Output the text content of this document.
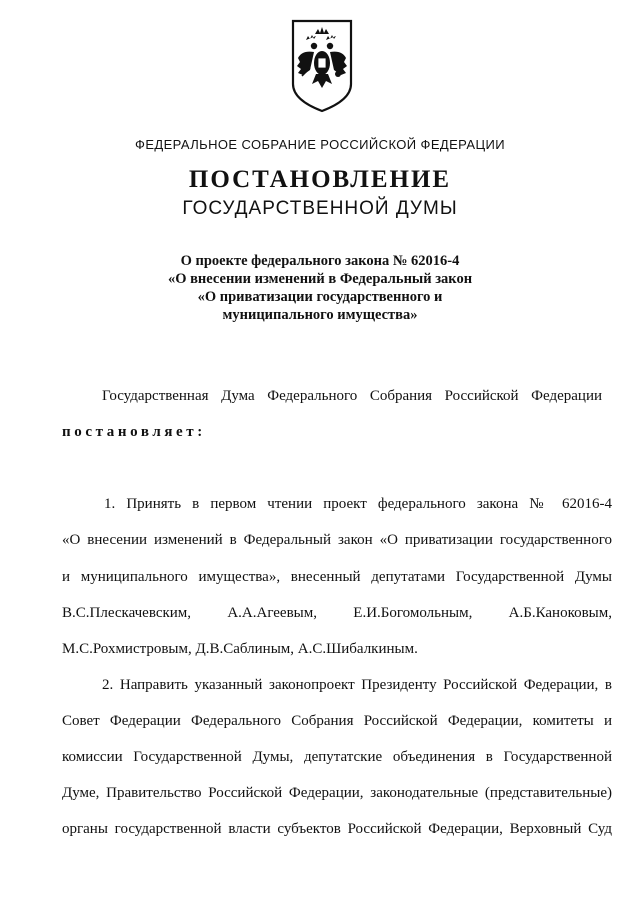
ФЕДЕРАЛЬНОЕ СОБРАНИЕ РОССИЙСКОЙ ФЕДЕРАЦИИ
ПОСТАНОВЛЕНИЕ
ГОСУДАРСТВЕННОЙ ДУМЫ
О проекте федерального закона № 62016-4
«О внесении изменений в Федеральный закон
«О приватизации государственного и
муниципального имущества»
Государственная Дума Федерального Собрания Российской Федерации
постановляет:
1. Принять в первом чтении проект федерального закона № 62016-4
«О внесении изменений в Федеральный закон «О приватизации государственного
и муниципального имущества», внесенный депутатами Государственной Думы
В.С.Плескачевским, А.А.Агеевым, Е.И.Богомольным, А.Б.Каноковым,
М.С.Рохмистровым, Д.В.Саблиным, А.С.Шибалкиным.
2. Направить указанный законопроект Президенту Российской Федерации, в
Совет Федерации Федерального Собрания Российской Федерации, комитеты и
комиссии Государственной Думы, депутатские объединения в Государственной
Думе, Правительство Российской Федерации, законодательные (представительные)
органы государственной власти субъектов Российской Федерации, Верховный Суд
